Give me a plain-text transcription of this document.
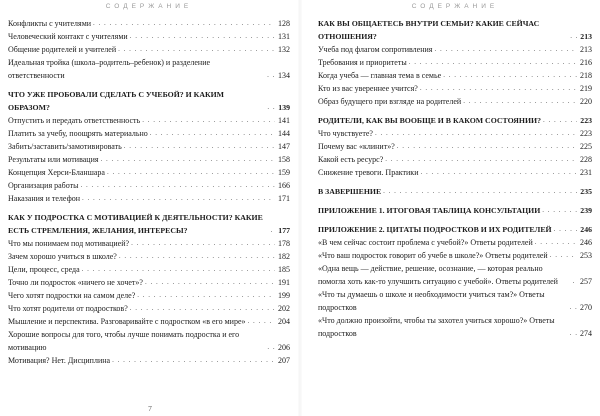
СОДЕРЖАНИЕ
Конфликты с учителями . . .	128
Человеческий контакт с учителями . . .	131
Общение родителей и учителей . . .	132
Идеальная тройка (школа–родитель–ребенок) и разделение ответственности . . .	134
ЧТО УЖЕ ПРОБОВАЛИ СДЕЛАТЬ С УЧЕБОЙ? И КАКИМ ОБРАЗОМ? . . .	139
Отпустить и передать ответственность . . .	141
Платить за учебу, поощрять материально . . .	144
Забить/заставить/замотивировать . . .	147
Результаты или мотивация . . .	158
Концепция Херси-Бланшара . . .	159
Организация работы . . .	166
Наказания и телефон . . .	171
КАК У ПОДРОСТКА С МОТИВАЦИЕЙ К ДЕЯТЕЛЬНОСТИ? КАКИЕ ЕСТЬ СТРЕМЛЕНИЯ, ЖЕЛАНИЯ, ИНТЕРЕСЫ? . . .	177
Что мы понимаем под мотивацией? . . .	178
Зачем хорошо учиться в школе? . . .	182
Цели, процесс, среда . . .	185
Точно ли подросток «ничего не хочет»? . . .	191
Чего хотят подростки на самом деле? . . .	199
Что хотят родители от подростков? . . .	202
Мышление и перспектива. Разговаривайте с подростком «в его мире» . . .	204
Хорошие вопросы для того, чтобы лучше понимать подростка и его мотивацию . . .	206
Мотивация? Нет. Дисциплина . . .	207
7
СОДЕРЖАНИЕ
КАК ВЫ ОБЩАЕТЕСЬ ВНУТРИ СЕМЬИ? КАКИЕ СЕЙЧАС ОТНОШЕНИЯ? . . .	213
Учеба под флагом сопротивления . . .	213
Требования и приоритеты . . .	216
Когда учеба — главная тема в семье . . .	218
Кто из вас увереннее учится? . . .	219
Образ будущего при взгляде на родителей . . .	220
РОДИТЕЛИ, КАК ВЫ ВООБЩЕ И В КАКОМ СОСТОЯНИИ? . . .	223
Что чувствуете? . . .	223
Почему вас «клинит»? . . .	225
Какой есть ресурс? . . .	228
Снижение тревоги. Практики . . .	231
В ЗАВЕРШЕНИЕ . . .	235
ПРИЛОЖЕНИЕ 1. ИТОГОВАЯ ТАБЛИЦА КОНСУЛЬТАЦИИ . . .	239
ПРИЛОЖЕНИЕ 2. ЦИТАТЫ ПОДРОСТКОВ И ИХ РОДИТЕЛЕЙ . . .	246
«В чем сейчас состоит проблема с учебой?» Ответы родителей . . .	246
«Что ваш подросток говорит об учебе в школе?» Ответы родителей . . .	253
«Одна вещь — действие, решение, осознание, — которая реально помогла хоть как-то улучшить ситуацию с учебой». Ответы родителей . . .	257
«Что ты думаешь о школе и необходимости учиться там?» Ответы подростков . . .	270
«Что должно произойти, чтобы ты захотел учиться хорошо?» Ответы подростков . . .	274
